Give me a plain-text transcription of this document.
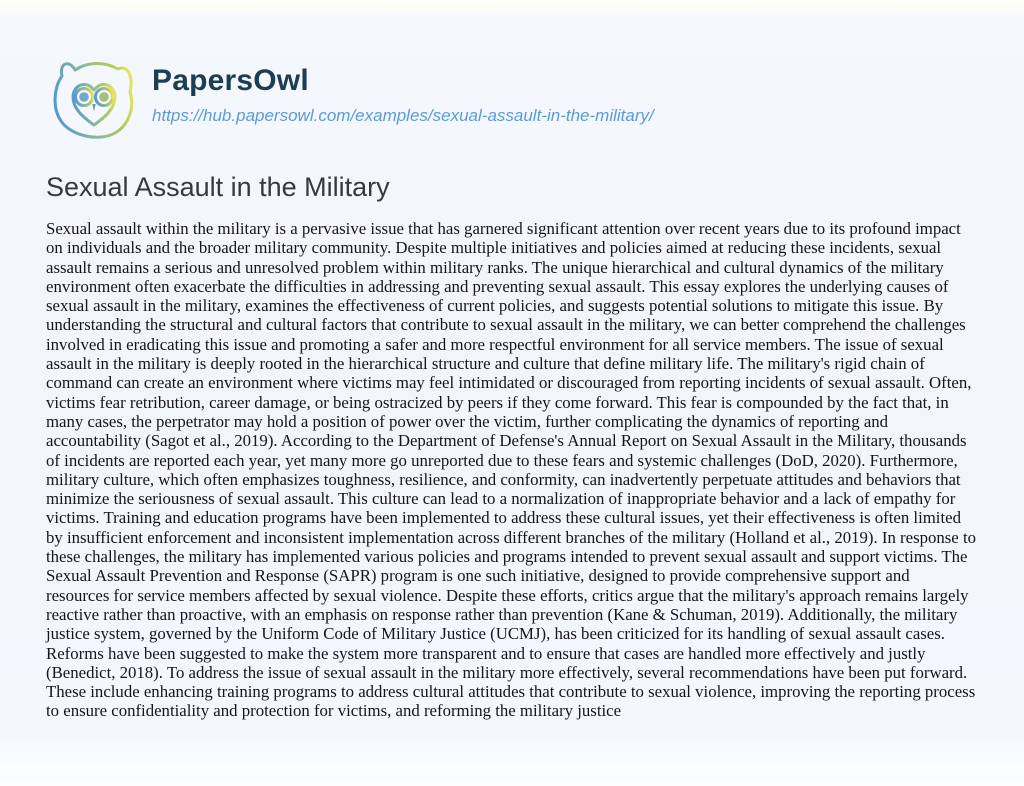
PapersOwl
https://hub.papersowl.com/examples/sexual-assault-in-the-military/
Sexual Assault in the Military

Sexual assault within the military is a pervasive issue that has garnered significant attention over recent years due to its profound impact on individuals and the broader military community. Despite multiple initiatives and policies aimed at reducing these incidents, sexual assault remains a serious and unresolved problem within military ranks. The unique hierarchical and cultural dynamics of the military environment often exacerbate the difficulties in addressing and preventing sexual assault. This essay explores the underlying causes of sexual assault in the military, examines the effectiveness of current policies, and suggests potential solutions to mitigate this issue. By understanding the structural and cultural factors that contribute to sexual assault in the military, we can better comprehend the challenges involved in eradicating this issue and promoting a safer and more respectful environment for all service members. The issue of sexual assault in the military is deeply rooted in the hierarchical structure and culture that define military life. The military's rigid chain of command can create an environment where victims may feel intimidated or discouraged from reporting incidents of sexual assault. Often, victims fear retribution, career damage, or being ostracized by peers if they come forward. This fear is compounded by the fact that, in many cases, the perpetrator may hold a position of power over the victim, further complicating the dynamics of reporting and accountability (Sagot et al., 2019). According to the Department of Defense's Annual Report on Sexual Assault in the Military, thousands of incidents are reported each year, yet many more go unreported due to these fears and systemic challenges (DoD, 2020). Furthermore, military culture, which often emphasizes toughness, resilience, and conformity, can inadvertently perpetuate attitudes and behaviors that minimize the seriousness of sexual assault. This culture can lead to a normalization of inappropriate behavior and a lack of empathy for victims. Training and education programs have been implemented to address these cultural issues, yet their effectiveness is often limited by insufficient enforcement and inconsistent implementation across different branches of the military (Holland et al., 2019). In response to these challenges, the military has implemented various policies and programs intended to prevent sexual assault and support victims. The Sexual Assault Prevention and Response (SAPR) program is one such initiative, designed to provide comprehensive support and resources for service members affected by sexual violence. Despite these efforts, critics argue that the military's approach remains largely reactive rather than proactive, with an emphasis on response rather than prevention (Kane & Schuman, 2019). Additionally, the military justice system, governed by the Uniform Code of Military Justice (UCMJ), has been criticized for its handling of sexual assault cases. Reforms have been suggested to make the system more transparent and to ensure that cases are handled more effectively and justly (Benedict, 2018). To address the issue of sexual assault in the military more effectively, several recommendations have been put forward. These include enhancing training programs to address cultural attitudes that contribute to sexual violence, improving the reporting process to ensure confidentiality and protection for victims, and reforming the military justice
